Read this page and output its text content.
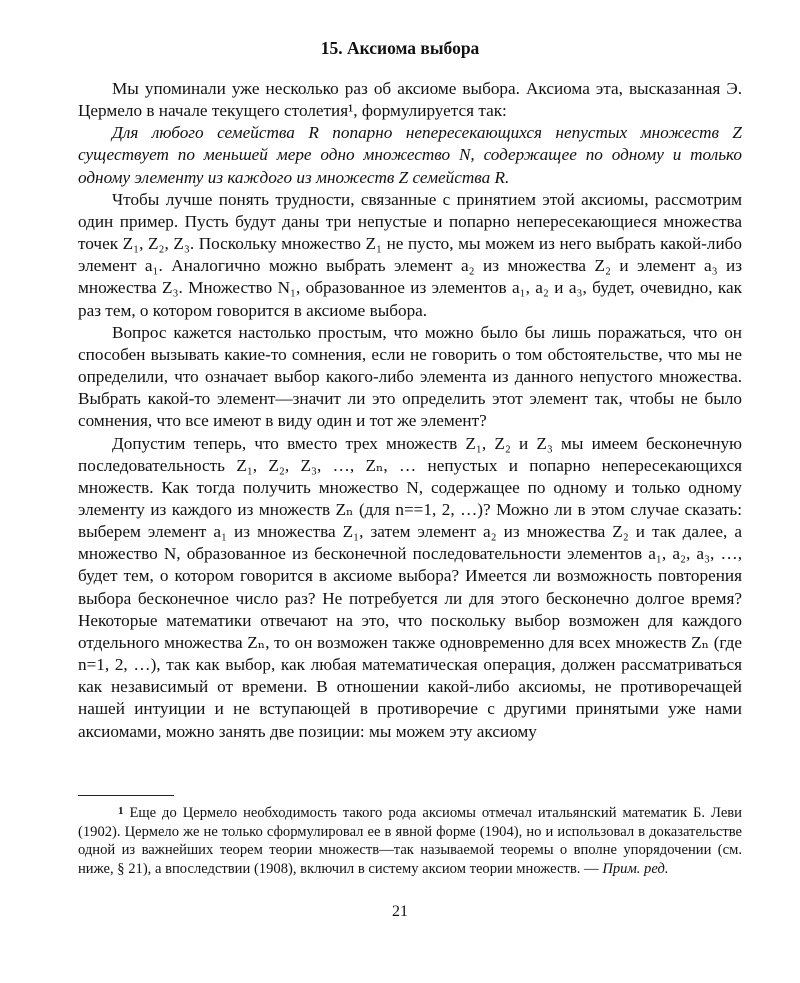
15. Аксиома выбора

Мы упоминали уже несколько раз об аксиоме выбора. Аксиома эта, высказанная Э. Цермело в начале текущего столетия¹, формулируется так:

Для любого семейства R попарно непересекающихся непустых множеств Z существует по меньшей мере одно множество N, содержащее по одному и только одному элементу из каждого из множеств Z семейства R.

Чтобы лучше понять трудности, связанные с принятием этой аксиомы, рассмотрим один пример. Пусть будут даны три непустые и попарно непересекающиеся множества точек Z₁, Z₂, Z₃. Поскольку множество Z₁ не пусто, мы можем из него выбрать какой-либо элемент a₁. Аналогично можно выбрать элемент a₂ из множества Z₂ и элемент a₃ из множества Z₃. Множество N₁, образованное из элементов a₁, a₂ и a₃, будет, очевидно, как раз тем, о котором говорится в аксиоме выбора.

Вопрос кажется настолько простым, что можно было бы лишь поражаться, что он способен вызывать какие-то сомнения, если не говорить о том обстоятельстве, что мы не определили, что означает выбор какого-либо элемента из данного непустого множества. Выбрать какой-то элемент—значит ли это определить этот элемент так, чтобы не было сомнения, что все имеют в виду один и тот же элемент?

Допустим теперь, что вместо трех множеств Z₁, Z₂ и Z₃ мы имеем бесконечную последовательность Z₁, Z₂, Z₃, …, Zₙ, … непустых и попарно непересекающихся множеств. Как тогда получить множество N, содержащее по одному и только одному элементу из каждого из множеств Zₙ (для n==1, 2, …)? Можно ли в этом случае сказать: выберем элемент a₁ из множества Z₁, затем элемент a₂ из множества Z₂ и так далее, а множество N, образованное из бесконечной последовательности элементов a₁, a₂, a₃, …, будет тем, о котором говорится в аксиоме выбора? Имеется ли возможность повторения выбора бесконечное число раз? Не потребуется ли для этого бесконечно долгое время? Некоторые математики отвечают на это, что поскольку выбор возможен для каждого отдельного множества Zₙ, то он возможен также одновременно для всех множеств Zₙ (где n=1, 2, …), так как выбор, как любая математическая операция, должен рассматриваться как независимый от времени. В отношении какой-либо аксиомы, не противоречащей нашей интуиции и не вступающей в противоречие с другими принятыми уже нами аксиомами, можно занять две позиции: мы можем эту аксиому

$^1$ Еще до Цермело необходимость такого рода аксиомы отмечал итальянский математик Б. Леви (1902). Цермело же не только сформулировал ее в явной форме (1904), но и использовал в доказательстве одной из важнейших теорем теории множеств—так называемой теоремы о вполне упорядочении (см. ниже, § 21), а впоследствии (1908), включил в систему аксиом теории множеств. — Прим. ред.

21
